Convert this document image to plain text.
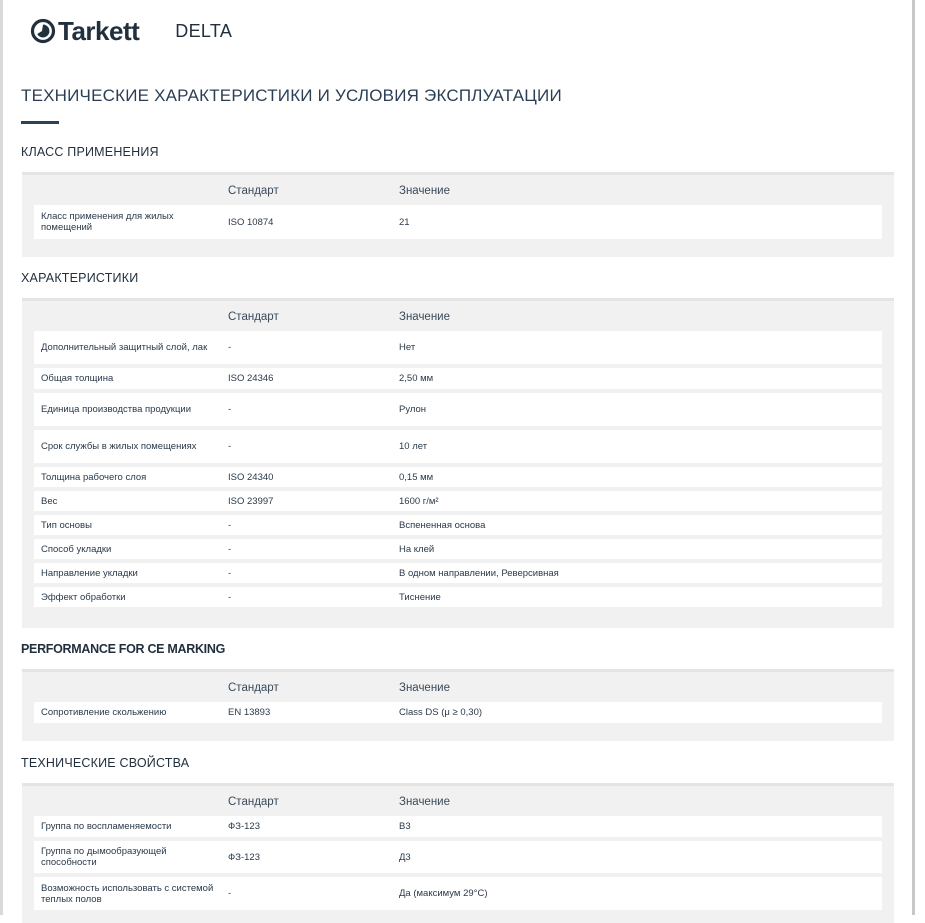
Tarkett DELTA
ТЕХНИЧЕСКИЕ ХАРАКТЕРИСТИКИ И УСЛОВИЯ ЭКСПЛУАТАЦИИ
КЛАСС ПРИМЕНЕНИЯ
Стандарт	Значение
Класс применения для жилых помещений	ISO 10874	21
ХАРАКТЕРИСТИКИ
Стандарт	Значение
Дополнительный защитный слой, лак	-	Нет
Общая толщина	ISO 24346	2,50 мм
Единица производства продукции	-	Рулон
Срок службы в жилых помещениях	-	10 лет
Толщина рабочего слоя	ISO 24340	0,15 мм
Вес	ISO 23997	1600 г/м²
Тип основы	-	Вспененная основа
Способ укладки	-	На клей
Направление укладки	-	В одном направлении, Реверсивная
Эффект обработки	-	Тиснение
PERFORMANCE FOR CE MARKING
Стандарт	Значение
Сопротивление скольжению	EN 13893	Class DS (μ ≥ 0,30)
ТЕХНИЧЕСКИЕ СВОЙСТВА
Стандарт	Значение
Группа по воспламеняемости	ФЗ-123	В3
Группа по дымообразующей способности	ФЗ-123	Д3
Возможность использовать с системой теплых полов	-	Да (максимум 29°C)
